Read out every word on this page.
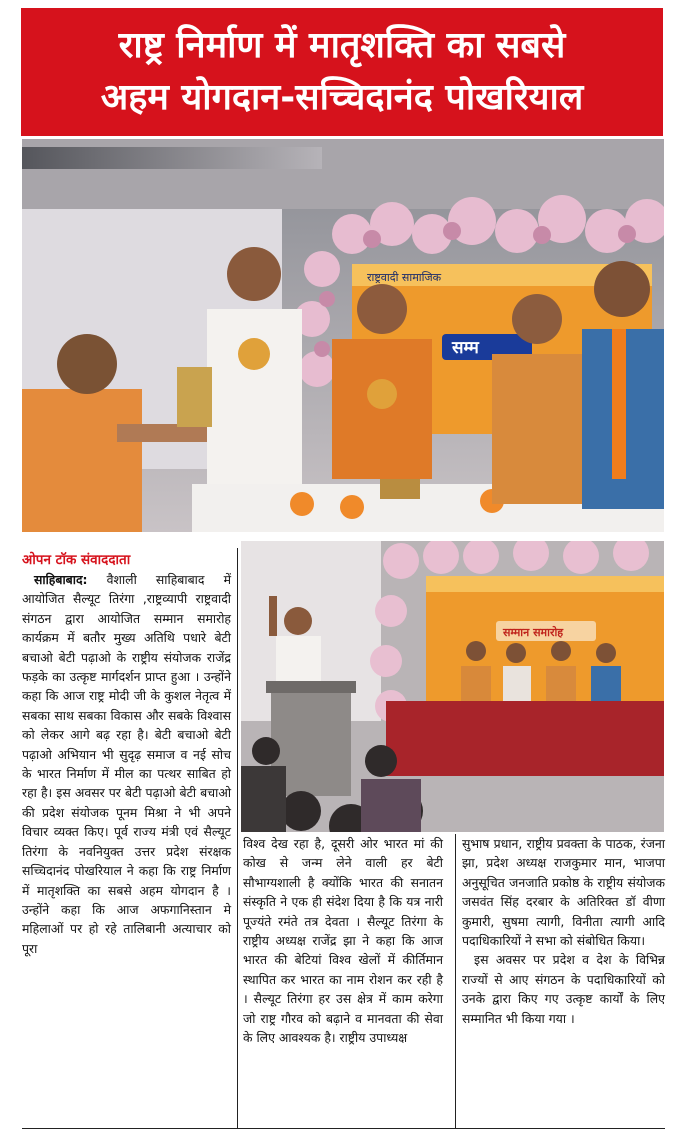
राष्ट्र निर्माण में मातृशक्ति का सबसे
अहम योगदान-सच्चिदानंद पोखरियाल
राष्ट्रवादी सामाजिक
सम्म
सम्मान समारोह

ओपन टॉक संवाददाता

साहिबाबाद: वैशाली साहिबाबाद में आयोजित सैल्यूट तिरंगा ,राष्ट्रव्यापी राष्ट्रवादी संगठन द्वारा आयोजित सम्मान समारोह कार्यक्रम में बतौर मुख्य अतिथि पधारे बेटी बचाओ बेटी पढ़ाओ के राष्ट्रीय संयोजक राजेंद्र फड़के का उत्कृष्ट मार्गदर्शन प्राप्त हुआ । उन्होंने कहा कि आज राष्ट्र मोदी जी के कुशल नेतृत्व में सबका साथ सबका विकास और सबके विश्वास को लेकर आगे बढ़ रहा है। बेटी बचाओ बेटी पढ़ाओ अभियान भी सुदृढ़ समाज व नई सोच के भारत निर्माण में मील का पत्थर साबित हो रहा है। इस अवसर पर बेटी पढ़ाओ बेटी बचाओ की प्रदेश संयोजक पूनम मिश्रा ने भी अपने विचार व्यक्त किए। पूर्व राज्य मंत्री एवं सैल्यूट तिरंगा के नवनियुक्त उत्तर प्रदेश संरक्षक सच्चिदानंद पोखरियाल ने कहा कि राष्ट्र निर्माण में मातृशक्ति का सबसे अहम योगदान है । उन्होंने कहा कि आज अफगानिस्तान मे महिलाओं पर हो रहे तालिबानी अत्याचार को पूरा

विश्व देख रहा है, दूसरी ओर भारत मां की कोख से जन्म लेने वाली हर बेटी सौभाग्यशाली है क्योंकि भारत की सनातन संस्कृति ने एक ही संदेश दिया है कि यत्र नारी पूज्यंते रमंते तत्र देवता । सैल्यूट तिरंगा के राष्ट्रीय अध्यक्ष राजेंद्र झा ने कहा कि आज भारत की बेटियां विश्व खेलों में कीर्तिमान स्थापित कर भारत का नाम रोशन कर रही है । सैल्यूट तिरंगा हर उस क्षेत्र में काम करेगा जो राष्ट्र गौरव को बढ़ाने व मानवता की सेवा के लिए आवश्यक है। राष्ट्रीय उपाध्यक्ष

सुभाष प्रधान, राष्ट्रीय प्रवक्ता के पाठक, रंजना झा, प्रदेश अध्यक्ष राजकुमार मान, भाजपा अनुसूचित जनजाति प्रकोष्ठ के राष्ट्रीय संयोजक जसवंत सिंह दरबार के अतिरिक्त डॉ वीणा कुमारी, सुषमा त्यागी, विनीता त्यागी आदि पदाधिकारियों ने सभा को संबोधित किया।

इस अवसर पर प्रदेश व देश के विभिन्न राज्यों से आए संगठन के पदाधिकारियों को उनके द्वारा किए गए उत्कृष्ट कार्यों के लिए सम्मानित भी किया गया ।
